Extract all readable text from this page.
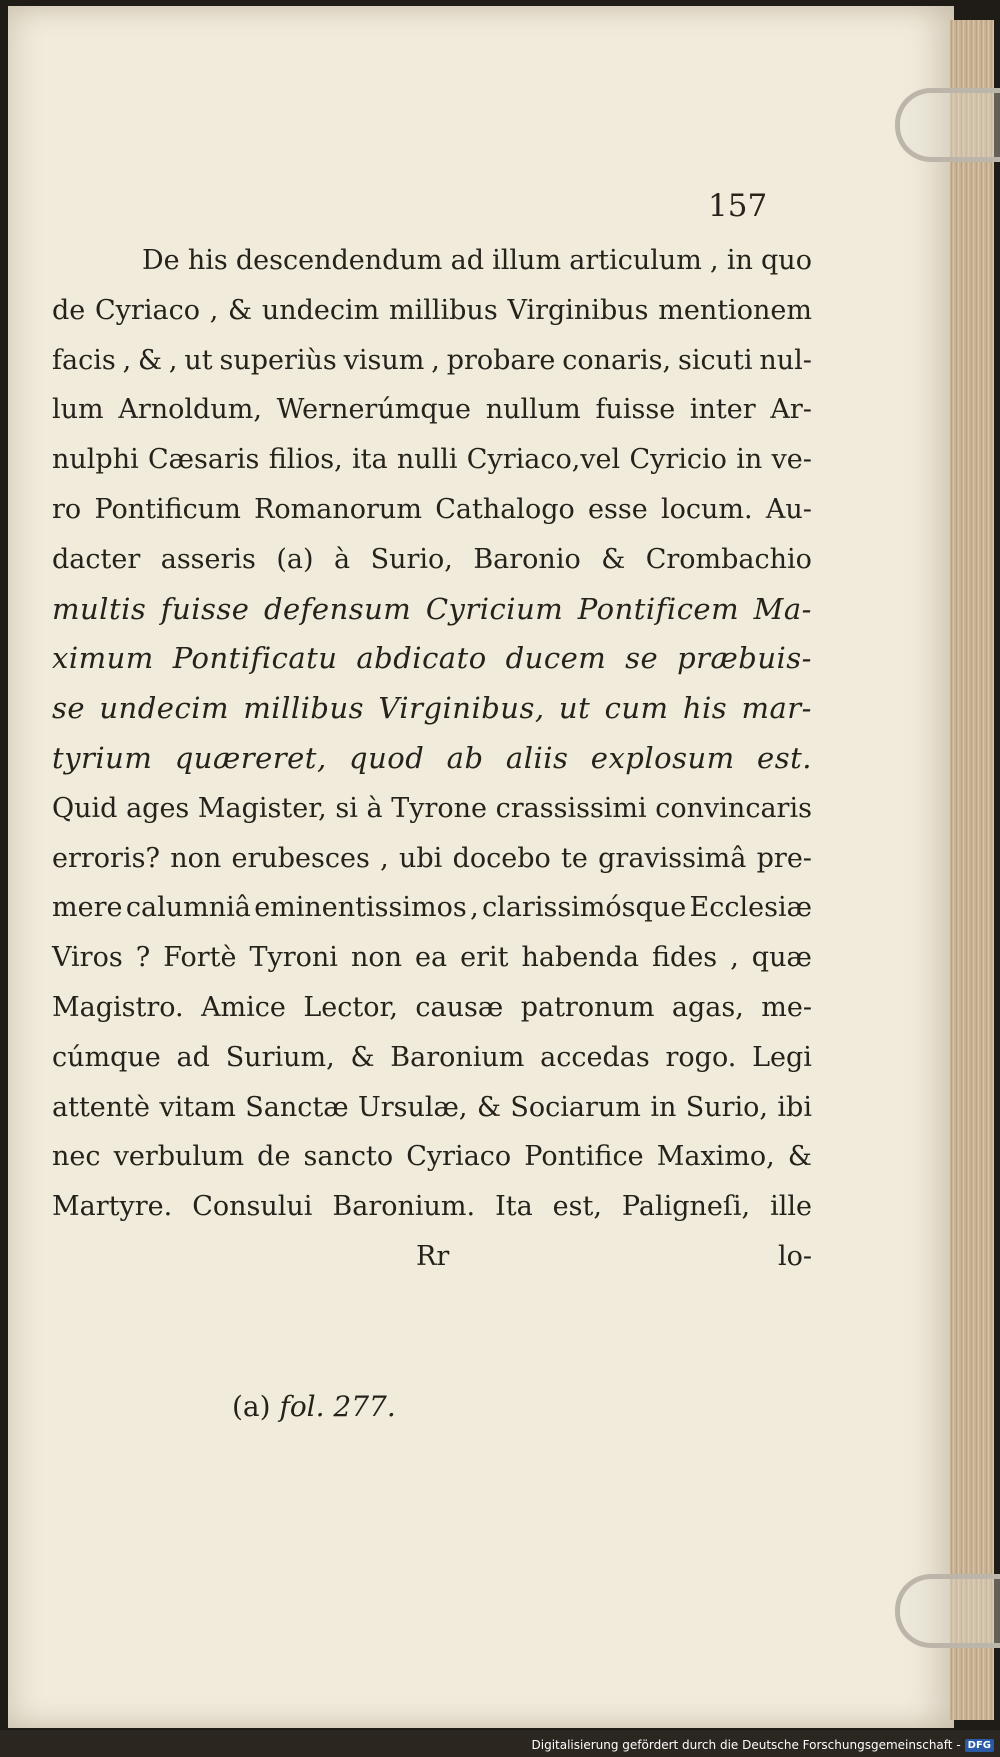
157
De his descendendum ad illum articulum , in quo
de Cyriaco , & undecim millibus Virginibus mentionem
facis , & , ut superiùs visum , probare conaris, sicuti nul-
lum Arnoldum, Wernerúmque nullum fuisse inter Ar-
nulphi Cæsaris filios, ita nulli Cyriaco,vel Cyricio in ve-
ro Pontificum Romanorum Cathalogo esse locum. Au-
dacter asseris (a) à Surio, Baronio & Crombachio
multis fuisse defensum Cyricium Pontificem Ma-
ximum Pontificatu abdicato ducem se præbuis-
se undecim millibus Virginibus, ut cum his mar-
tyrium quæreret, quod ab aliis explosum est.
Quid ages Magister, si à Tyrone crassissimi convincaris
erroris? non erubesces , ubi docebo te gravissimâ pre-
mere calumniâ eminentissimos , clarissimósque Ecclesiæ
Viros ? Fortè Tyroni non ea erit habenda fides , quæ
Magistro. Amice Lector, causæ patronum agas, me-
cúmque ad Surium, & Baronium accedas rogo. Legi
attentè vitam Sanctæ Ursulæ, & Sociarum in Surio, ibi
nec verbulum de sancto Cyriaco Pontifice Maximo, &
Martyre. Consului Baronium. Ita est, Paligneſi, ille
Rr	lo-
(a) fol. 277.
Digitalisierung gefördert durch die Deutsche Forschungsgemeinschaft - DFG
